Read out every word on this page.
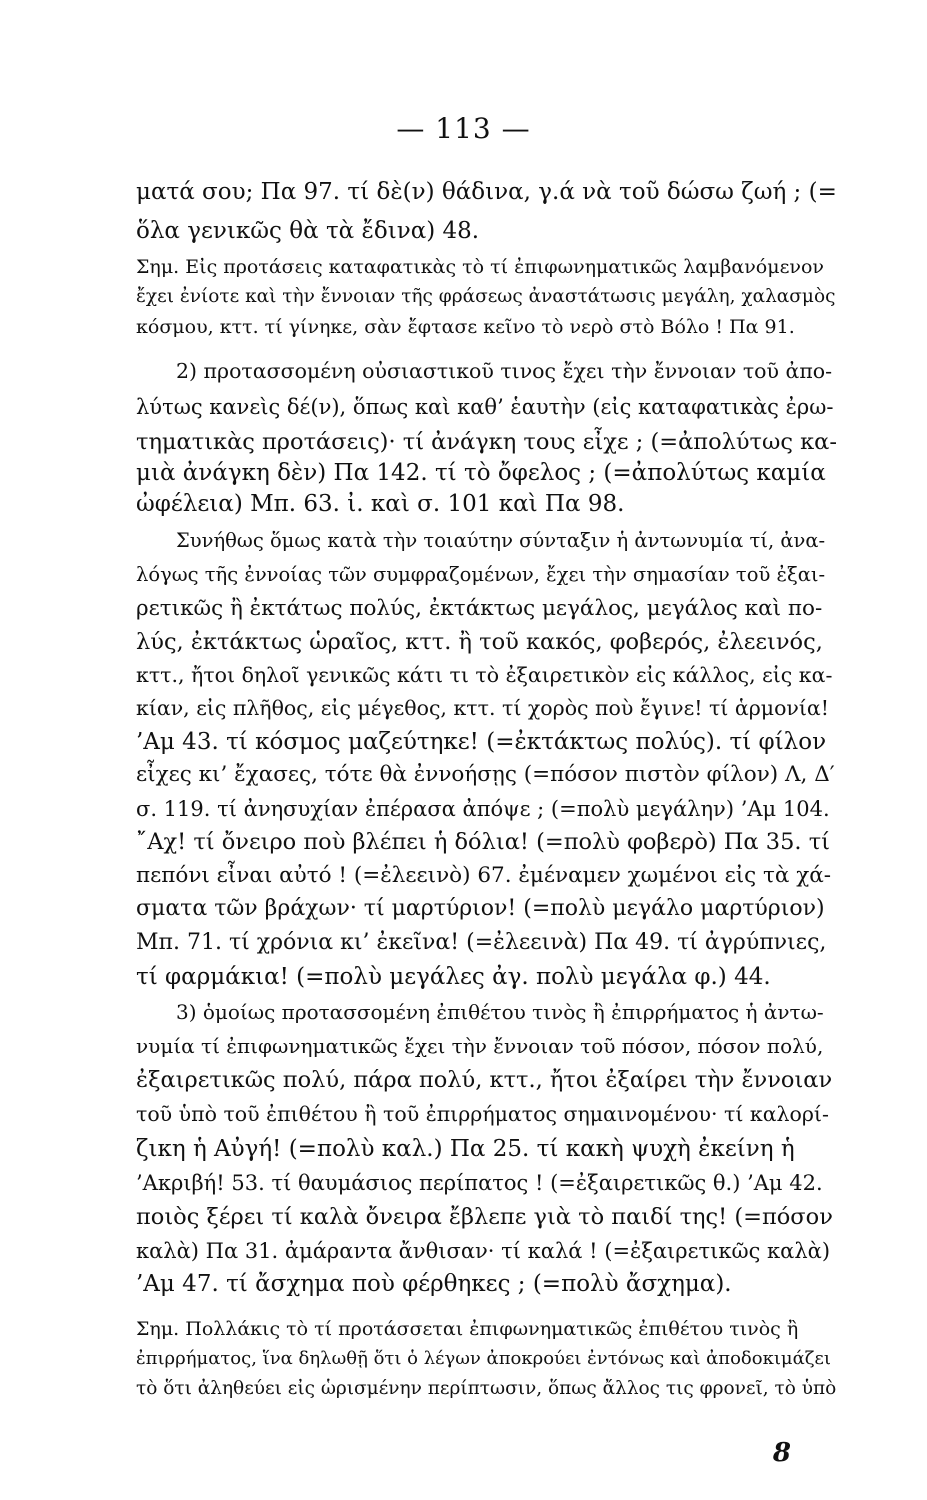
— 113 —
ματά σου; Πα 97. τί δὲ(ν) θάδινα, γ.ά νὰ τοῦ δώσω ζωή ; (=
ὅλα γενικῶς θὰ τὰ ἔδινα) 48.
Σημ. Εἰς προτάσεις καταφατικὰς τὸ τί ἐπιφωνηματικῶς λαμβανόμενον
ἔχει ἐνίοτε καὶ τὴν ἔννοιαν τῆς φράσεως ἀναστάτωσις μεγάλη, χαλασμὸς
κόσμου, κττ. τί γίνηκε, σὰν ἔφτασε κεῖνο τὸ νερὸ στὸ Βόλο ! Πα 91.
2) προτασσομένη οὐσιαστικοῦ τινος ἔχει τὴν ἔννοιαν τοῦ ἀπο-
λύτως κανεὶς δέ(ν), ὅπως καὶ καθ’ ἑαυτὴν (εἰς καταφατικὰς ἐρω-
τηματικὰς προτάσεις)· τί ἀνάγκη τους εἶχε ; (=ἀπολύτως κα-
μιὰ ἀνάγκη δὲν) Πα 142. τί τὸ ὄφελος ; (=ἀπολύτως καμία
ὠφέλεια) Μπ. 63. ἰ. καὶ σ. 101 καὶ Πα 98.
Συνήθως ὅμως κατὰ τὴν τοιαύτην σύνταξιν ἡ ἀντωνυμία τί, ἀνα-
λόγως τῆς ἐννοίας τῶν συμφραζομένων, ἔχει τὴν σημασίαν τοῦ ἐξαι-
ρετικῶς ἢ ἐκτάτως πολύς, ἐκτάκτως μεγάλος, μεγάλος καὶ πο-
λύς, ἐκτάκτως ὡραῖος, κττ. ἢ τοῦ κακός, φοβερός, ἐλεεινός,
κττ., ἤτοι δηλοῖ γενικῶς κάτι τι τὸ ἐξαιρετικὸν εἰς κάλλος, εἰς κα-
κίαν, εἰς πλῆθος, εἰς μέγεθος, κττ. τί χορὸς ποὺ ἔγινε! τί ἁρμονία!
’Αμ 43. τί κόσμος μαζεύτηκε! (=ἐκτάκτως πολύς). τί φίλον
εἶχες κι’ ἔχασες, τότε θὰ ἐννοήσῃς (=πόσον πιστὸν φίλον) Λ, Δ′
σ. 119. τί ἀνησυχίαν ἐπέρασα ἀπόψε ; (=πολὺ μεγάλην) ’Αμ 104.
῎Αχ! τί ὄνειρο ποὺ βλέπει ἡ δόλια! (=πολὺ φοβερὸ) Πα 35. τί
πεπόνι εἶναι αὐτό ! (=ἐλεεινὸ) 67. ἐμέναμεν χωμένοι εἰς τὰ χά-
σματα τῶν βράχων· τί μαρτύριον! (=πολὺ μεγάλο μαρτύριον)
Μπ. 71. τί χρόνια κι’ ἐκεῖνα! (=ἐλεεινὰ) Πα 49. τί ἀγρύπνιες,
τί φαρμάκια! (=πολὺ μεγάλες ἀγ. πολὺ μεγάλα φ.) 44.
3) ὁμοίως προτασσομένη ἐπιθέτου τινὸς ἢ ἐπιρρήματος ἡ ἀντω-
νυμία τί ἐπιφωνηματικῶς ἔχει τὴν ἔννοιαν τοῦ πόσον, πόσον πολύ,
ἐξαιρετικῶς πολύ, πάρα πολύ, κττ., ἤτοι ἐξαίρει τὴν ἔννοιαν
τοῦ ὑπὸ τοῦ ἐπιθέτου ἢ τοῦ ἐπιρρήματος σημαινομένου· τί καλορί-
ζικη ἡ Αὐγή! (=πολὺ καλ.) Πα 25. τί κακὴ ψυχὴ ἐκείνη ἡ
’Ακριβή! 53. τί θαυμάσιος περίπατος ! (=ἐξαιρετικῶς θ.) ’Αμ 42.
ποιὸς ξέρει τί καλὰ ὄνειρα ἔβλεπε γιὰ τὸ παιδί της! (=πόσον
καλὰ) Πα 31. ἀμάραντα ἄνθισαν· τί καλά ! (=ἐξαιρετικῶς καλὰ)
’Αμ 47. τί ἄσχημα ποὺ φέρθηκες ; (=πολὺ ἄσχημα).
Σημ. Πολλάκις τὸ τί προτάσσεται ἐπιφωνηματικῶς ἐπιθέτου τινὸς ἢ
ἐπιρρήματος, ἵνα δηλωθῇ ὅτι ὁ λέγων ἀποκρούει ἐντόνως καὶ ἀποδοκιμάζει
τὸ ὅτι ἀληθεύει εἰς ὡρισμένην περίπτωσιν, ὅπως ἄλλος τις φρονεῖ, τὸ ὑπὸ
8
